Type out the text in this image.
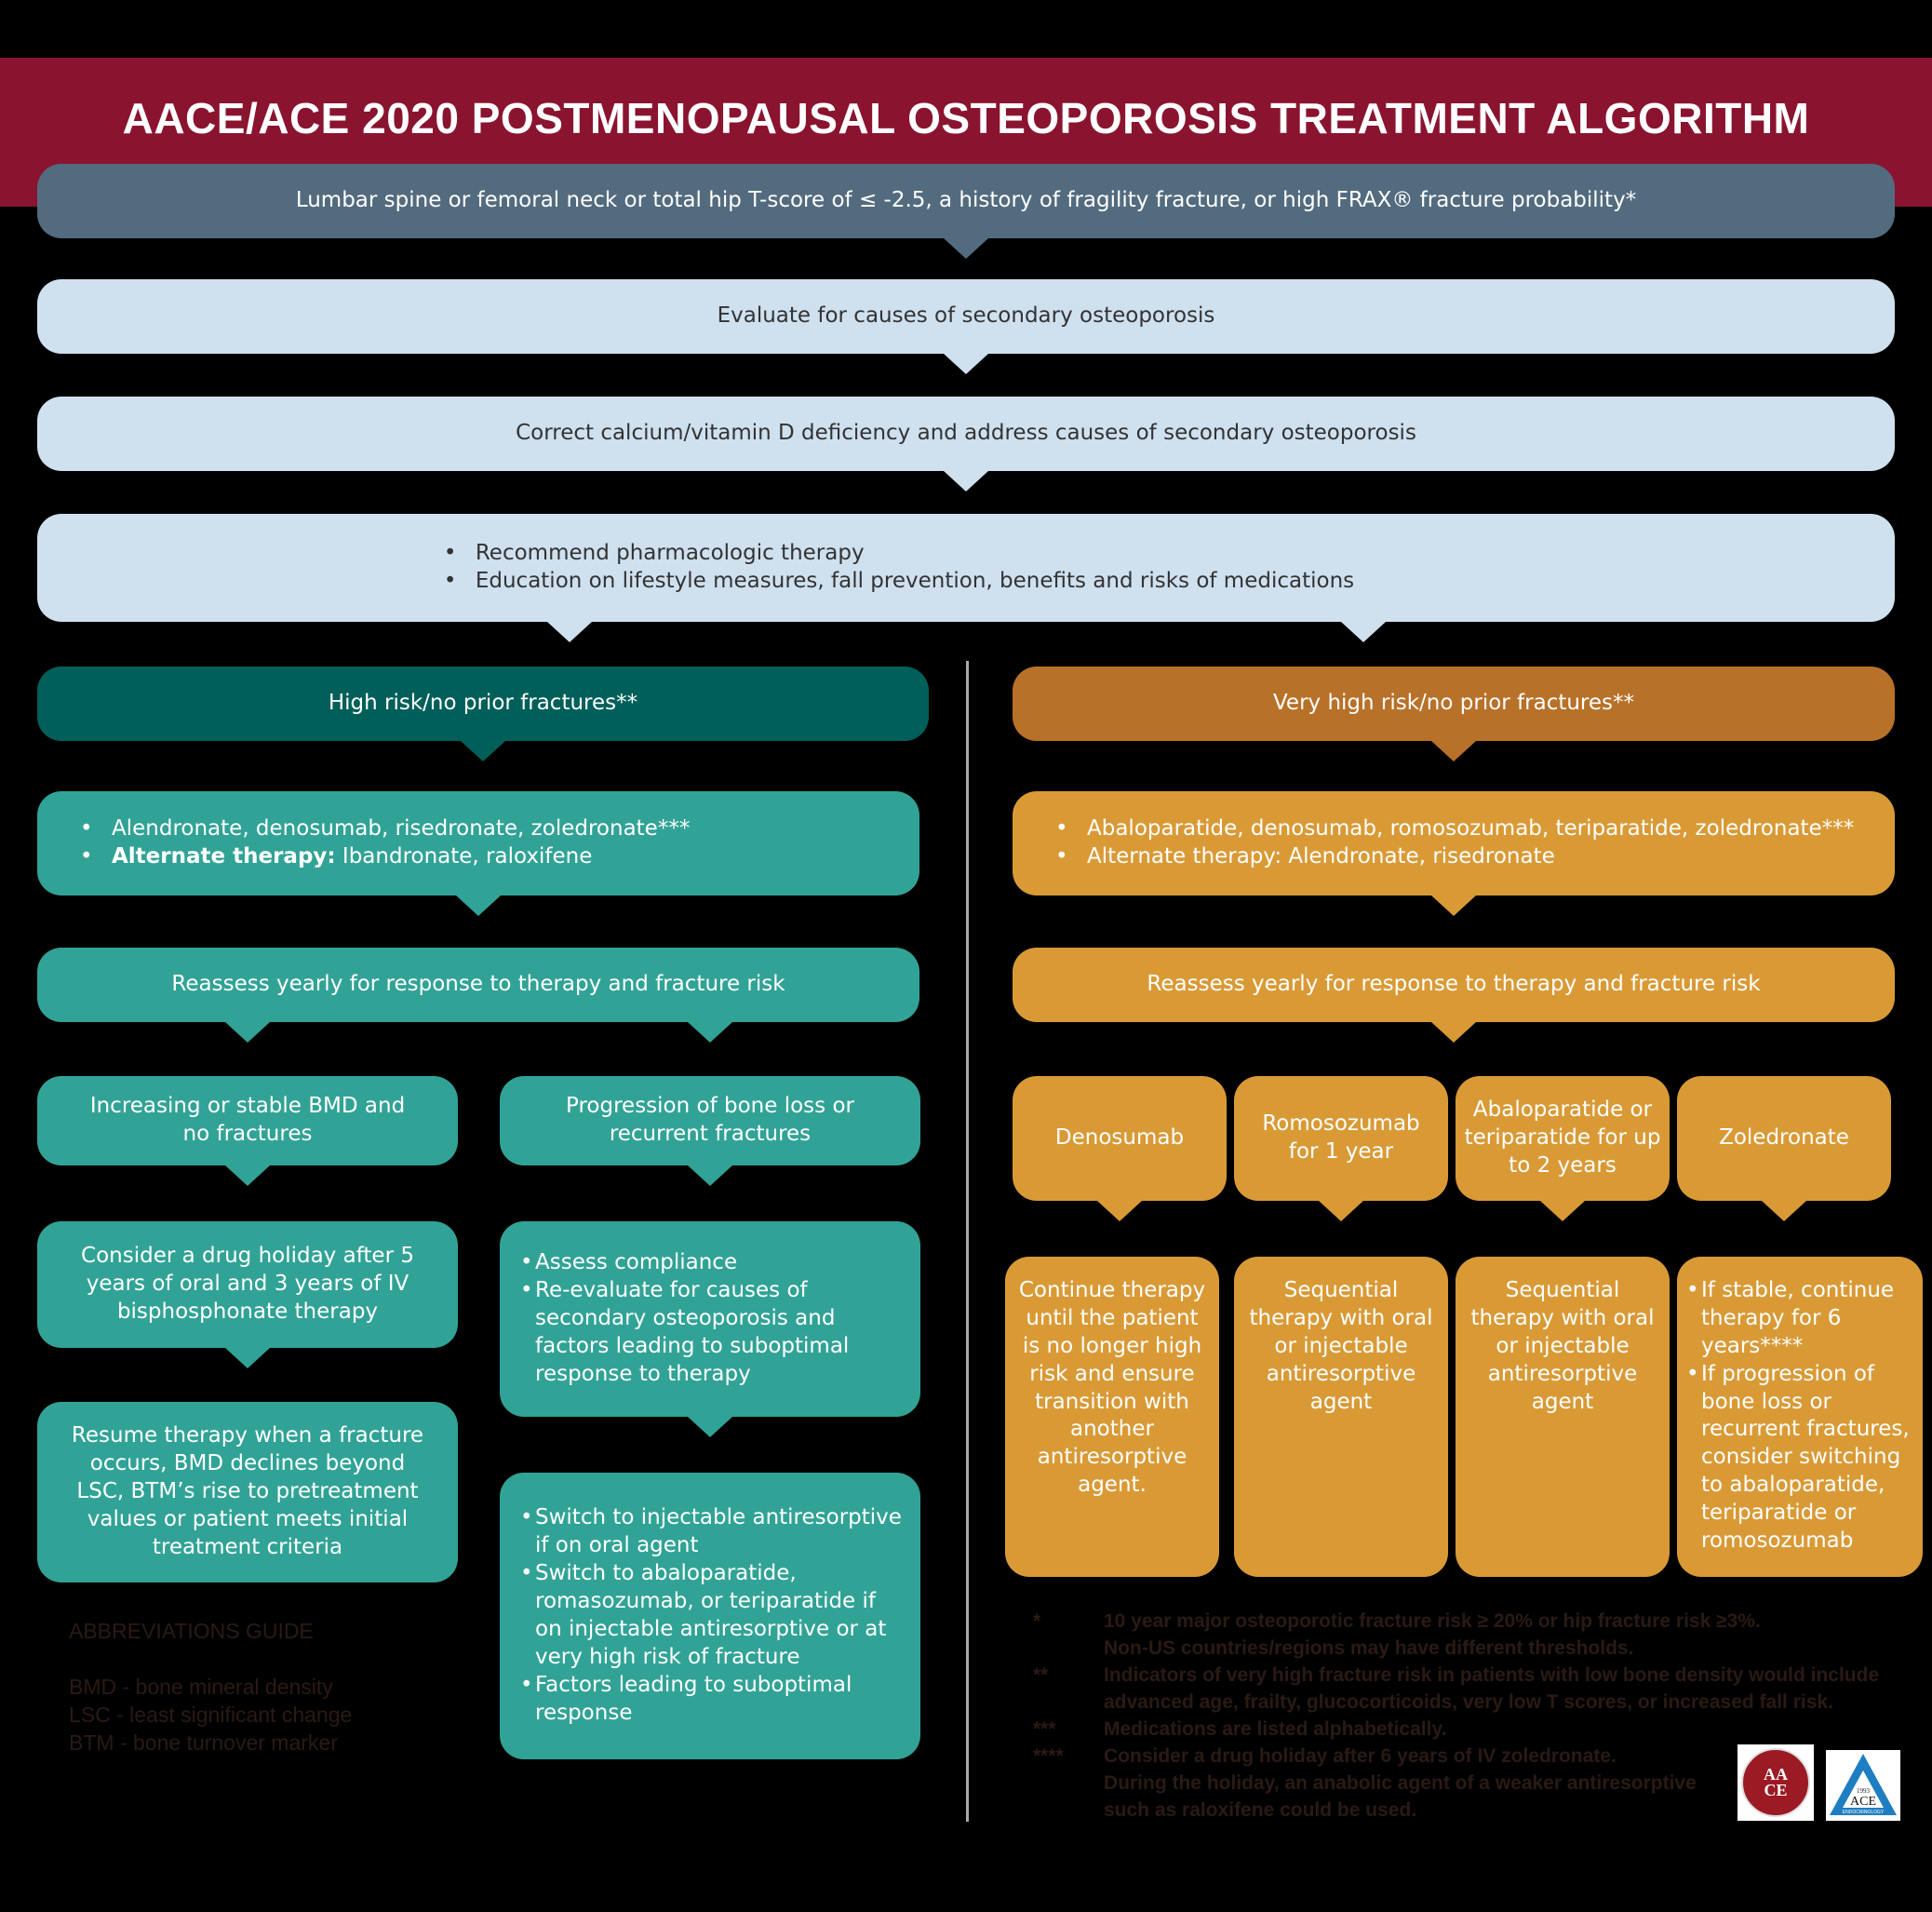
AACE/ACE 2020 POSTMENOPAUSAL OSTEOPOROSIS TREATMENT ALGORITHM
Lumbar spine or femoral neck or total hip T-score of ≤ -2.5, a history of fragility fracture, or high FRAX® fracture probability*
Evaluate for causes of secondary osteoporosis
Correct calcium/vitamin D deficiency and address causes of secondary osteoporosis
• Recommend pharmacologic therapy
• Education on lifestyle measures, fall prevention, benefits and risks of medications
High risk/no prior fractures**
• Alendronate, denosumab, risedronate, zoledronate***
• Alternate therapy: Ibandronate, raloxifene
Reassess yearly for response to therapy and fracture risk
Increasing or stable BMD and no fractures
Progression of bone loss or recurrent fractures
Consider a drug holiday after 5 years of oral and 3 years of IV bisphosphonate therapy
• Assess compliance
• Re-evaluate for causes of secondary osteoporosis and factors leading to suboptimal response to therapy
Resume therapy when a fracture occurs, BMD declines beyond LSC, BTM’s rise to pretreatment values or patient meets initial treatment criteria
• Switch to injectable antiresorptive if on oral agent
• Switch to abaloparatide, romasozumab, or teriparatide if on injectable antiresorptive or at very high risk of fracture
• Factors leading to suboptimal response
ABBREVIATIONS GUIDE
BMD - bone mineral density
LSC - least significant change
BTM - bone turnover marker
Very high risk/no prior fractures**
• Abaloparatide, denosumab, romosozumab, teriparatide, zoledronate***
• Alternate therapy: Alendronate, risedronate
Reassess yearly for response to therapy and fracture risk
Denosumab
Romosozumab for 1 year
Abaloparatide or teriparatide for up to 2 years
Zoledronate
Continue therapy until the patient is no longer high risk and ensure transition with another antiresorptive agent.
Sequential therapy with oral or injectable antiresorptive agent
Sequential therapy with oral or injectable antiresorptive agent
• If stable, continue therapy for 6 years****
• If progression of bone loss or recurrent fractures, consider switching to abaloparatide, teriparatide or romosozumab
*	10 year major osteoporotic fracture risk ≥ 20% or hip fracture risk ≥3%.
Non-US countries/regions may have different thresholds.
**	Indicators of very high fracture risk in patients with low bone density would include
advanced age, frailty, glucocorticoids, very low T scores, or increased fall risk.
***	Medications are listed alphabetically.
****	Consider a drug holiday after 6 years of IV zoledronate.
During the holiday, an anabolic agent of a weaker antiresorptive
such as raloxifene could be used.
AA
CE	1993
ACE
ENDOCRINOLOGY
